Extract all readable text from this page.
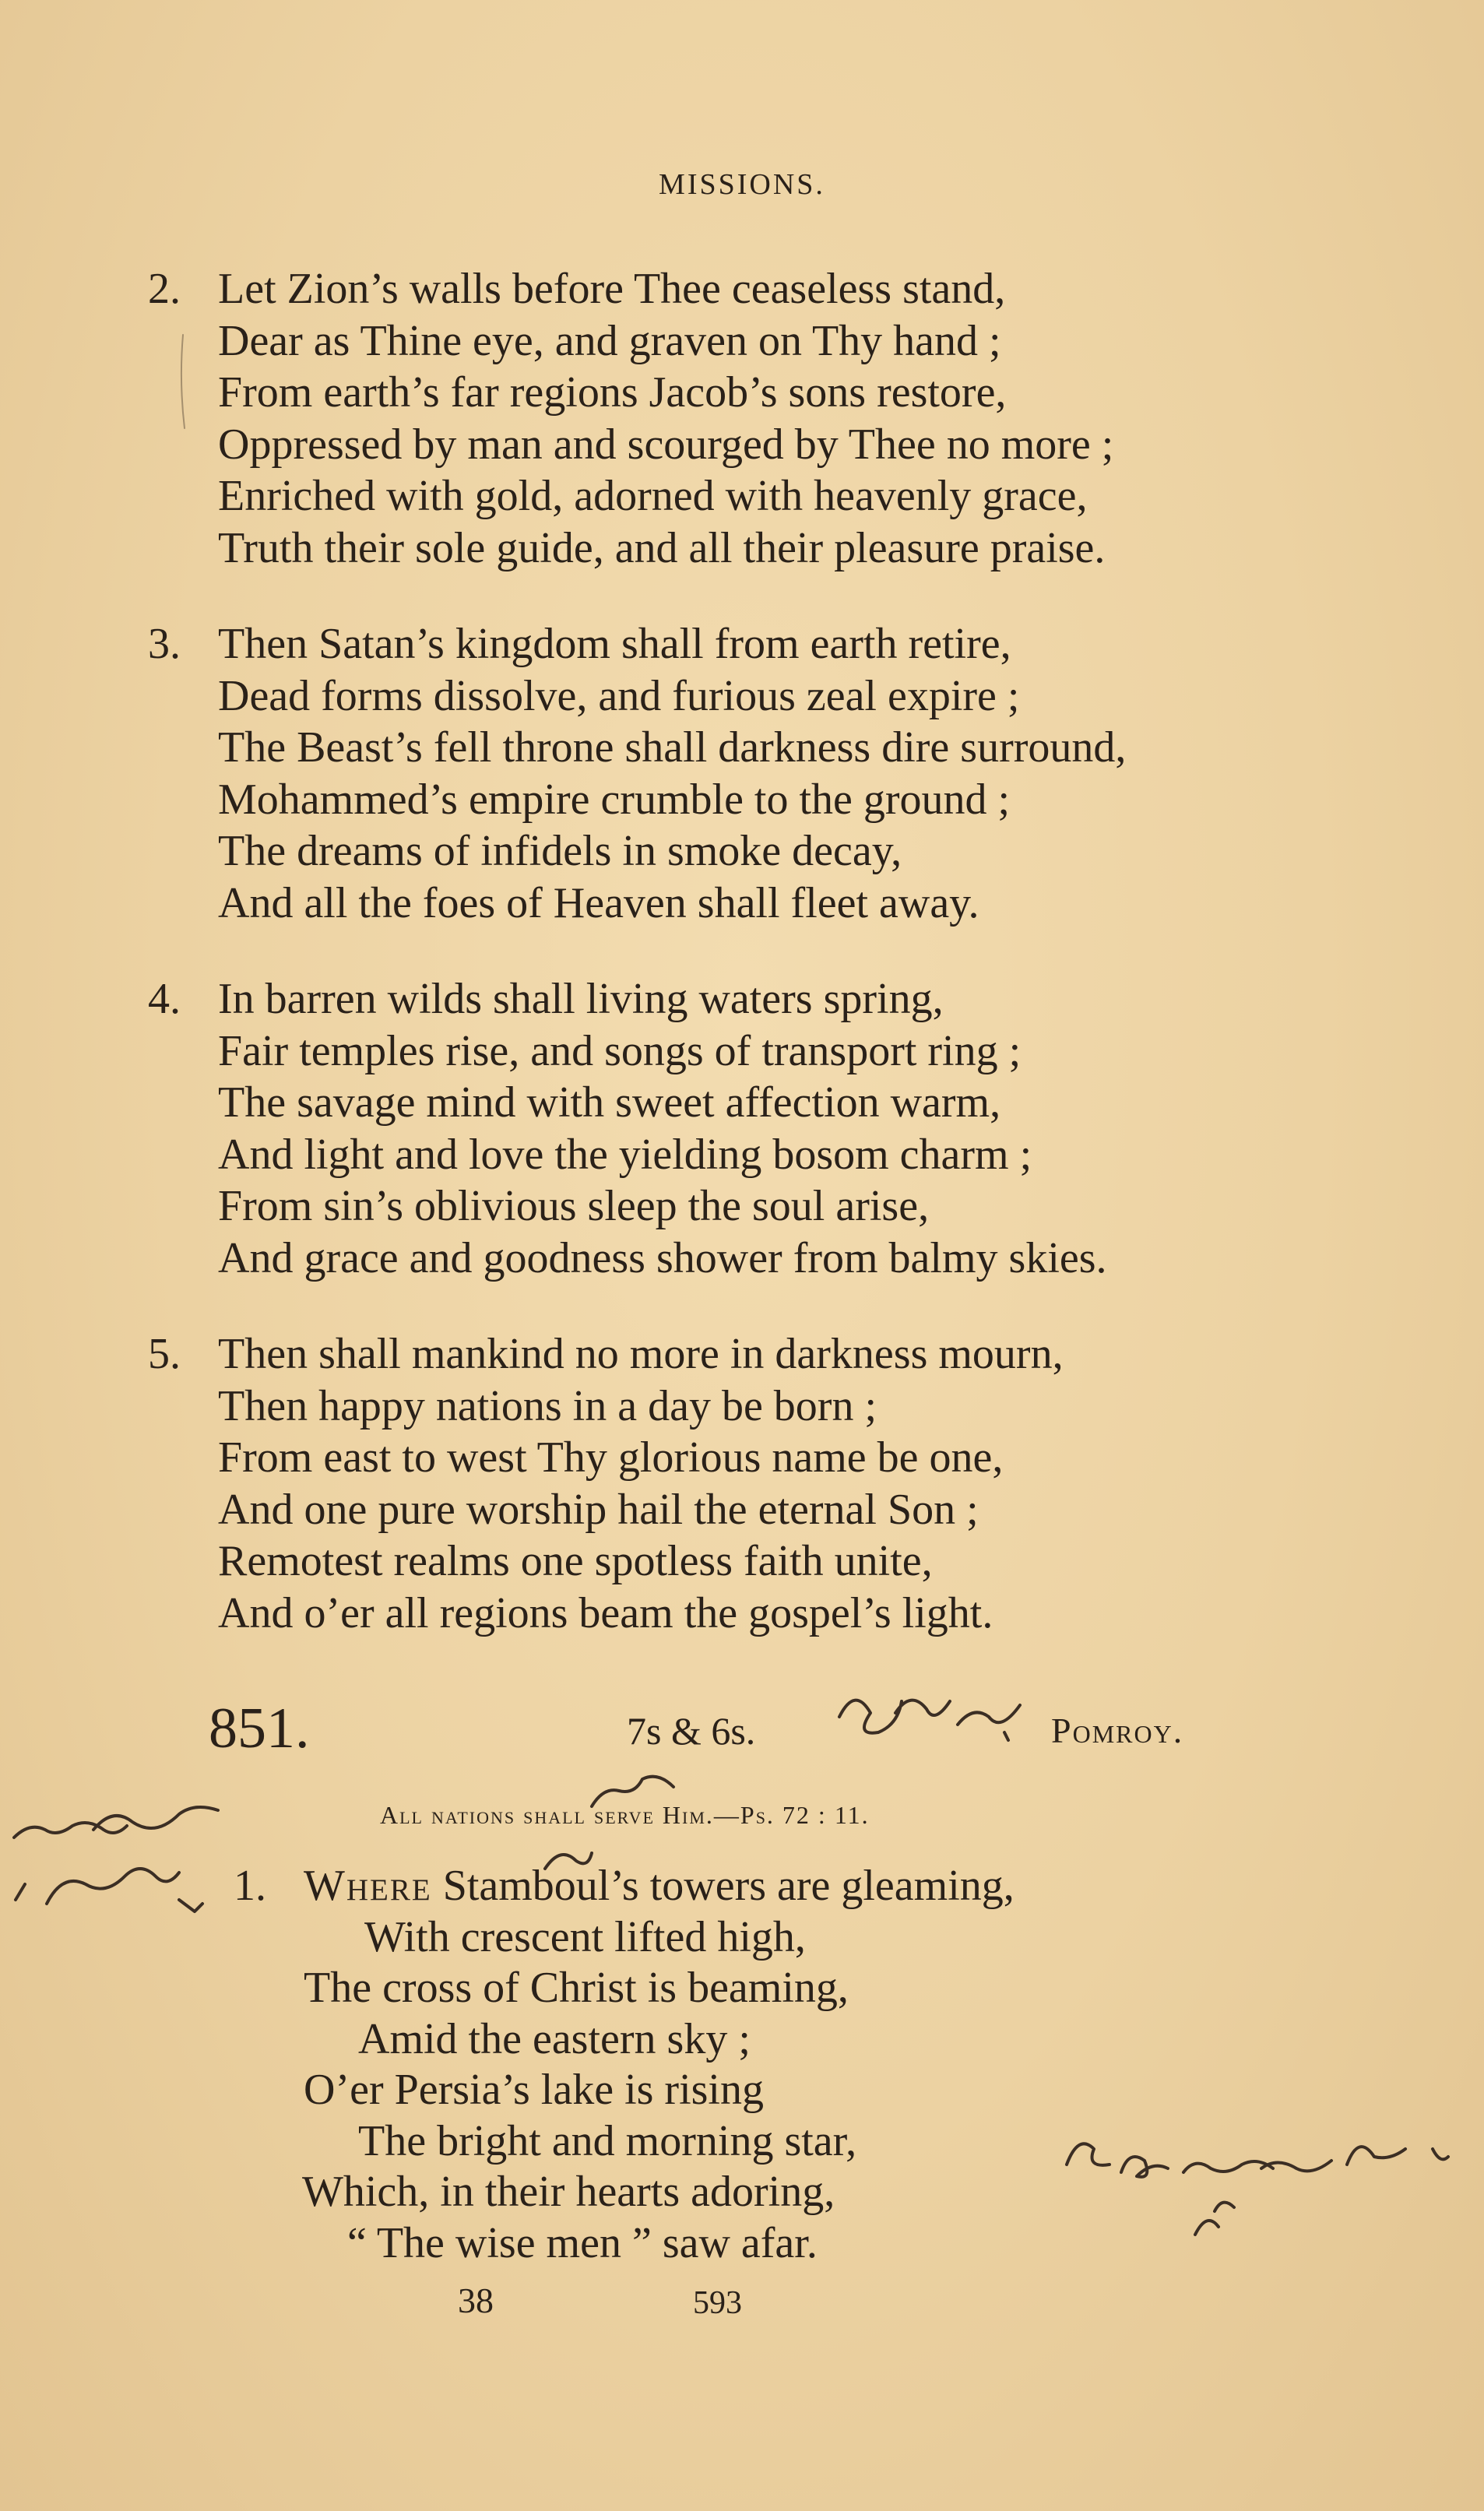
MISSIONS.
2. Let Zion’s walls before Thee ceaseless stand,
Dear as Thine eye, and graven on Thy hand ;
From earth’s far regions Jacob’s sons restore,
Oppressed by man and scourged by Thee no more ;
Enriched with gold, adorned with heavenly grace,
Truth their sole guide, and all their pleasure praise.
3. Then Satan’s kingdom shall from earth retire,
Dead forms dissolve, and furious zeal expire ;
The Beast’s fell throne shall darkness dire surround,
Mohammed’s empire crumble to the ground ;
The dreams of infidels in smoke decay,
And all the foes of Heaven shall fleet away.
4. In barren wilds shall living waters spring,
Fair temples rise, and songs of transport ring ;
The savage mind with sweet affection warm,
And light and love the yielding bosom charm ;
From sin’s oblivious sleep the soul arise,
And grace and goodness shower from balmy skies.
5. Then shall mankind no more in darkness mourn,
Then happy nations in a day be born ;
From east to west Thy glorious name be one,
And one pure worship hail the eternal Son ;
Remotest realms one spotless faith unite,
And o’er all regions beam the gospel’s light.
851.	7s & 6s.	Pomroy.
All nations shall serve Him.—Ps. 72 : 11.
1. Where Stamboul’s towers are gleaming,
With crescent lifted high,
The cross of Christ is beaming,
Amid the eastern sky ;
O’er Persia’s lake is rising
The bright and morning star,
Which, in their hearts adoring,
“ The wise men ” saw afar.
38	593
